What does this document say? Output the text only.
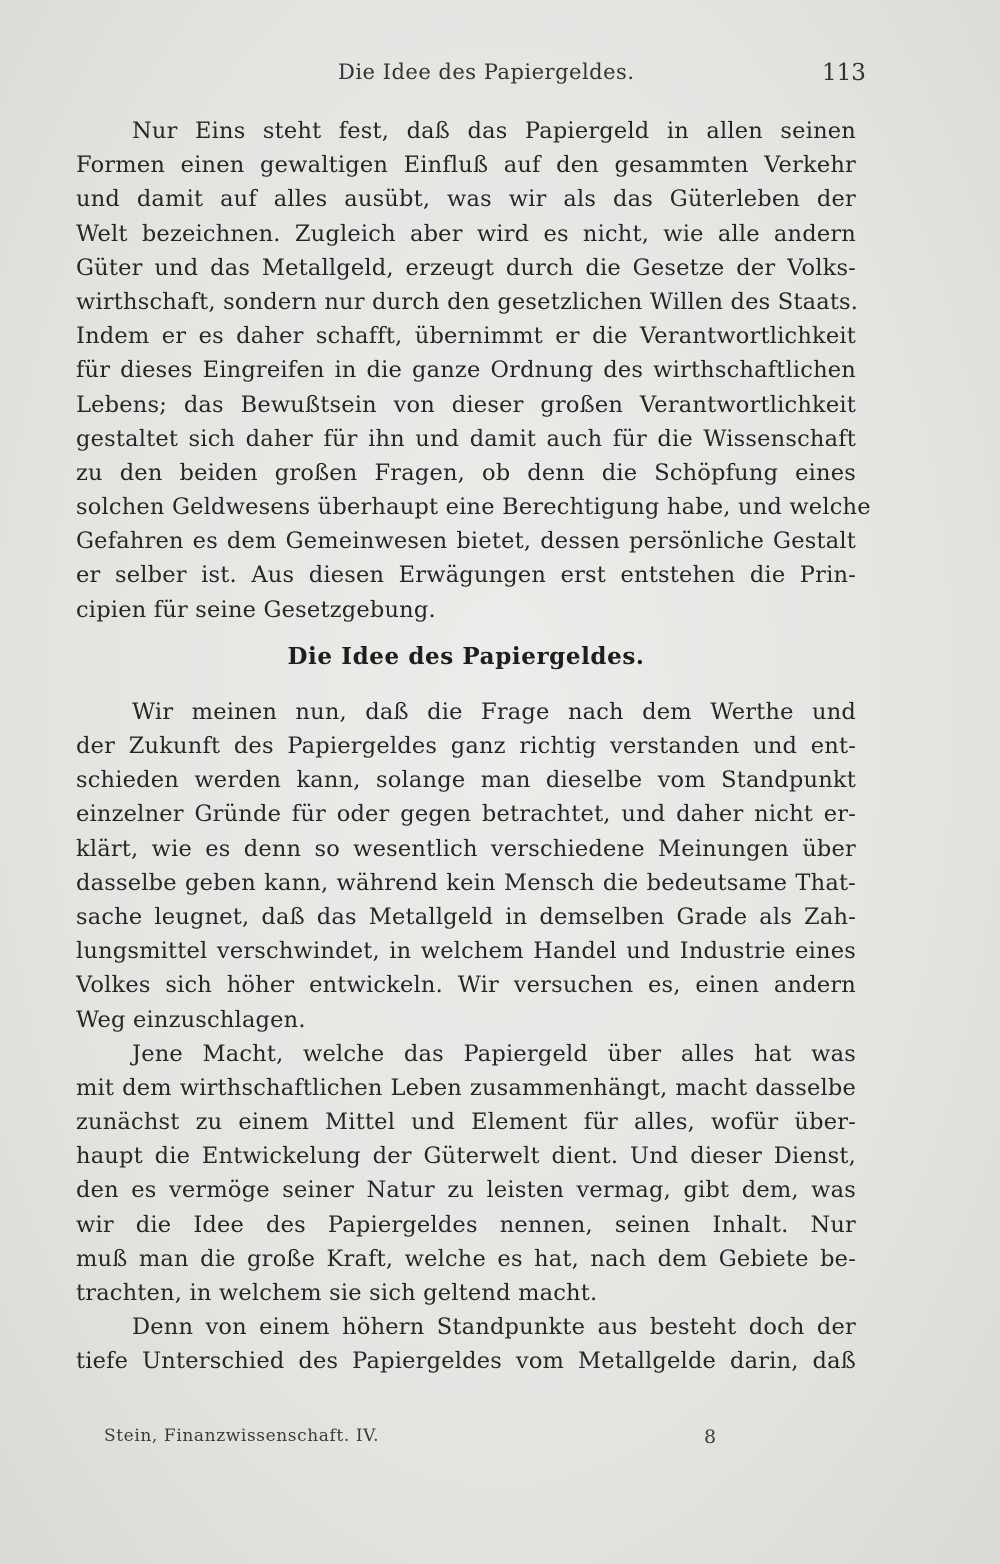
Die Idee des Papiergeldes.	113
Nur Eins steht fest, daß das Papiergeld in allen seinen
Formen einen gewaltigen Einfluß auf den gesammten Verkehr
und damit auf alles ausübt, was wir als das Güterleben der
Welt bezeichnen. Zugleich aber wird es nicht, wie alle andern
Güter und das Metallgeld, erzeugt durch die Gesetze der Volks-
wirthschaft, sondern nur durch den gesetzlichen Willen des Staats.
Indem er es daher schafft, übernimmt er die Verantwortlichkeit
für dieses Eingreifen in die ganze Ordnung des wirthschaftlichen
Lebens; das Bewußtsein von dieser großen Verantwortlichkeit
gestaltet sich daher für ihn und damit auch für die Wissenschaft
zu den beiden großen Fragen, ob denn die Schöpfung eines
solchen Geldwesens überhaupt eine Berechtigung habe, und welche
Gefahren es dem Gemeinwesen bietet, dessen persönliche Gestalt
er selber ist. Aus diesen Erwägungen erst entstehen die Prin-
cipien für seine Gesetzgebung.
Die Idee des Papiergeldes.
Wir meinen nun, daß die Frage nach dem Werthe und
der Zukunft des Papiergeldes ganz richtig verstanden und ent-
schieden werden kann, solange man dieselbe vom Standpunkt
einzelner Gründe für oder gegen betrachtet, und daher nicht er-
klärt, wie es denn so wesentlich verschiedene Meinungen über
dasselbe geben kann, während kein Mensch die bedeutsame That-
sache leugnet, daß das Metallgeld in demselben Grade als Zah-
lungsmittel verschwindet, in welchem Handel und Industrie eines
Volkes sich höher entwickeln. Wir versuchen es, einen andern
Weg einzuschlagen.
Jene Macht, welche das Papiergeld über alles hat was
mit dem wirthschaftlichen Leben zusammenhängt, macht dasselbe
zunächst zu einem Mittel und Element für alles, wofür über-
haupt die Entwickelung der Güterwelt dient. Und dieser Dienst,
den es vermöge seiner Natur zu leisten vermag, gibt dem, was
wir die Idee des Papiergeldes nennen, seinen Inhalt. Nur
muß man die große Kraft, welche es hat, nach dem Gebiete be-
trachten, in welchem sie sich geltend macht.
Denn von einem höhern Standpunkte aus besteht doch der
tiefe Unterschied des Papiergeldes vom Metallgelde darin, daß
Stein, Finanzwissenschaft. IV.	8
